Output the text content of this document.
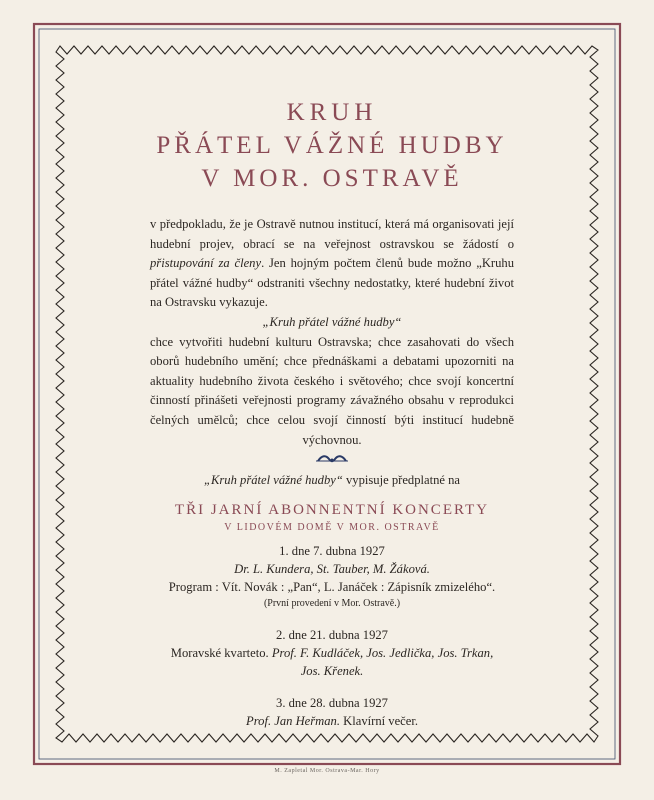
KRUH
PŘÁTEL VÁŽNÉ HUDBY
V MOR. OSTRAVĚ
v předpokladu, že je Ostravě nutnou institucí, která má organisovati její hudební projev, obrací se na veřejnost ostravskou se žádostí o přistupování za členy. Jen hojným počtem členů bude možno „Kruhu přátel vážné hudby“ odstraniti všechny nedostatky, které hudební život na Ostravsku vykazuje.
„Kruh přátel vážné hudby“
chce vytvořiti hudební kulturu Ostravska; chce zasahovati do všech oborů hudebního umění; chce přednáškami a debatami upozorniti na aktuality hudebního života českého i světového; chce svojí koncertní činností přinášeti veřejnosti programy závažného obsahu v reprodukci čelných umělců; chce celou svojí činností býti institucí hudebně výchovnou.
„Kruh přátel vážné hudby“ vypisuje předplatné na
TŘI JARNÍ ABONNENTNÍ KONCERTY
V LIDOVÉM DOMĚ V MOR. OSTRAVĚ
1. dne 7. dubna 1927
Dr. L. Kundera, St. Tauber, M. Žáková.
Program : Vít. Novák : „Pan“, L. Janáček : Zápisník zmizelého“.
(První provedení v Mor. Ostravě.)
2. dne 21. dubna 1927
Moravské kvarteto. Prof. F. Kudláček, Jos. Jedlička, Jos. Trkan,
Jos. Křenek.
3. dne 28. dubna 1927
Prof. Jan Heřman. Klavírní večer.
M. Zapletal Mor. Ostrava-Mar. Hory
